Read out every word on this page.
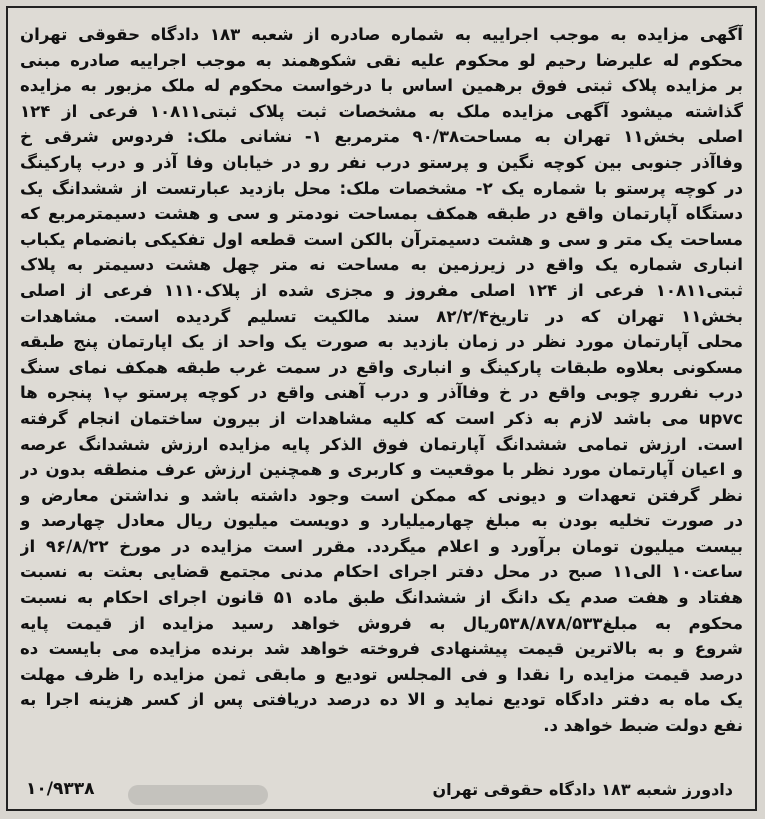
آگهی مزایده به موجب اجراییه به شماره صادره از شعبه ۱۸۳ دادگاه حقوقی تهران
محکوم له علیرضا رحیم لو محکوم علیه نقی شکوهمند به موجب اجراییه صادره مبنی
بر مزایده پلاک ثبتی فوق برهمین اساس با درخواست محکوم له ملک مزبور به مزایده
گذاشته میشود آگهی مزایده ملک به مشخصات ثبت پلاک ثبتی۱۰۸۱۱ فرعی از ۱۲۴
اصلی بخش۱۱ تهران به مساحت۹۰/۳۸ مترمربع ۱- نشانی ملک: فردوس شرقی خ
وفاآذر جنوبی بین کوچه نگین و پرستو درب نفر رو در خیابان وفا آذر و درب پارکینگ
در کوچه پرستو با شماره یک ۲- مشخصات ملک: محل بازدید عبارتست از ششدانگ یک
دستگاه آپارتمان واقع در طبقه همکف بمساحت نودمتر و سی و هشت دسیمترمربع که
مساحت یک متر و سی و هشت دسیمترآن بالکن است قطعه اول تفکیکی بانضمام یکباب
انباری شماره یک واقع در زیرزمین به مساحت نه متر چهل هشت دسیمتر به پلاک
ثبتی۱۰۸۱۱ فرعی از ۱۲۴ اصلی مفروز و مجزی شده از پلاک۱۱۱۰ فرعی از اصلی
بخش۱۱ تهران که در تاریخ۸۲/۲/۴ سند مالکیت تسلیم گردیده است. مشاهدات
محلی آپارتمان مورد نظر در زمان بازدید به صورت یک واحد از یک اپارتمان پنج طبقه
مسکونی بعلاوه طبقات پارکینگ و انباری واقع در سمت غرب طبقه همکف نمای سنگ
درب نفررو چوبی واقع در خ وفاآذر و درب آهنی واقع در کوچه پرستو پ۱ پنجره ها
upvc می باشد لازم به ذکر است که کلیه مشاهدات از بیرون ساختمان انجام گرفته
است. ارزش تمامی ششدانگ آپارتمان فوق الذکر پایه مزایده ارزش ششدانگ عرصه
و اعیان آپارتمان مورد نظر با موقعیت و کاربری و همچنین ارزش عرف منطقه بدون در
نظر گرفتن تعهدات و دیونی که ممکن است وجود داشته باشد و نداشتن معارض و
در صورت تخلیه بودن به مبلغ چهارمیلیارد و دویست میلیون ریال معادل چهارصد و
بیست میلیون تومان برآورد و اعلام میگردد. مقرر است مزایده در مورخ ۹۶/۸/۲۲ از
ساعت۱۰ الی۱۱ صبح در محل دفتر اجرای احکام مدنی مجتمع قضایی بعثت به نسبت
هفتاد و هفت صدم یک دانگ از ششدانگ طبق ماده ۵۱ قانون اجرای احکام به نسبت
محکوم به مبلغ۵۳۸/۸۷۸/۵۳۳ریال به فروش خواهد رسید مزایده از قیمت پایه
شروع و به بالاترین قیمت پیشنهادی فروخته خواهد شد برنده مزایده می بایست ده
درصد قیمت مزایده را نقدا و فی المجلس تودیع و مابقی ثمن مزایده را ظرف مهلت
یک ماه به دفتر دادگاه تودیع نماید و الا ده درصد دریافتی پس از کسر هزینه اجرا به
نفع دولت ضبط خواهد د.
دادورز شعبه ۱۸۳ دادگاه حقوقی تهران
۱۰/۹۳۳۸
